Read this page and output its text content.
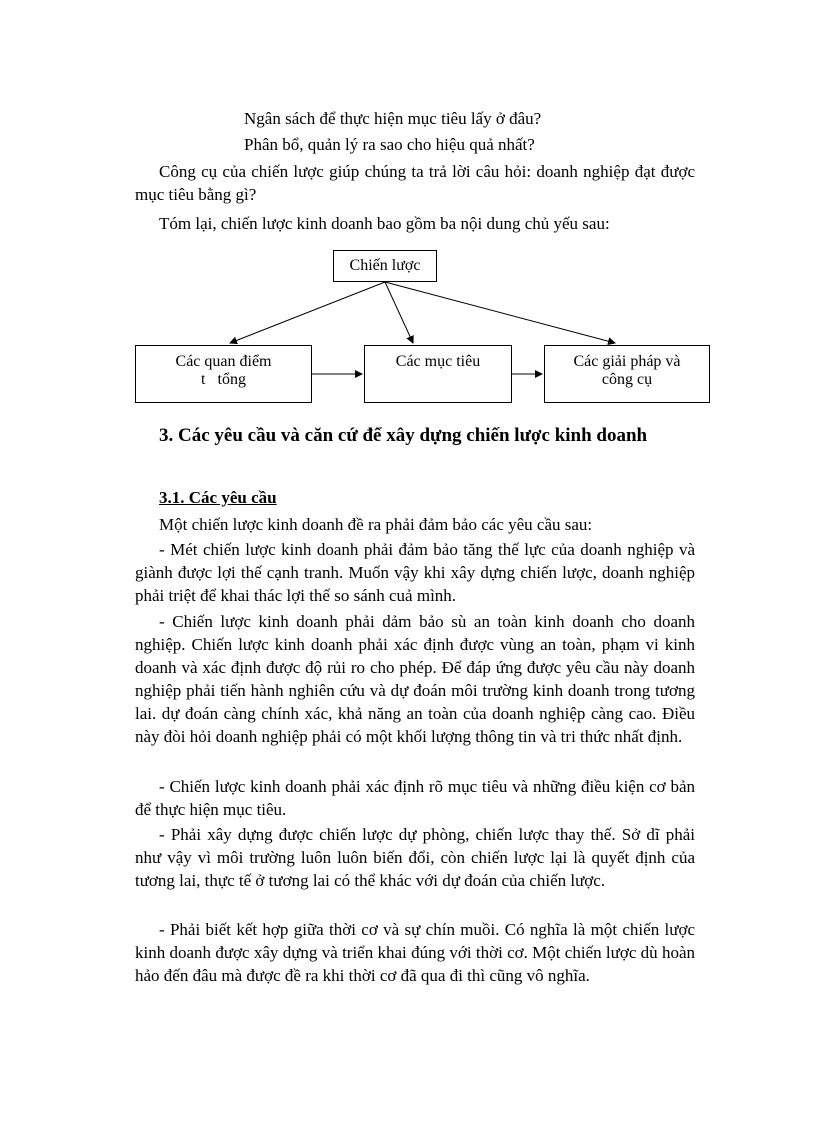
Ngân sách để thực hiện mục tiêu lấy ở đâu?
Phân bổ, quản lý ra sao cho hiệu quả nhất?
Công cụ của chiến lược giúp chúng ta trả lời câu hỏi: doanh nghiệp đạt được mục tiêu bằng gì?
Tóm lại, chiến lược kinh doanh bao gồm ba nội dung chủ yếu sau:
Chiến lược
Các quan điểm
t   tổng
Các mục tiêu	Các giải pháp và
công cụ
3. Các yêu cầu và căn cứ để xây dựng chiến lược kinh doanh
3.1. Các yêu cầu
Một chiến lược kinh doanh đề ra phải đảm bảo các yêu cầu sau:
- Mét chiến lược kinh doanh phải đảm bảo tăng thế lực của doanh nghiệp và giành được lợi thế cạnh tranh. Muốn vậy khi xây dựng chiến lược, doanh nghiệp phải triệt để khai thác lợi thế so sánh cuả mình.
- Chiến lược kinh doanh phải dảm bảo sù an toàn kinh doanh cho doanh nghiệp. Chiến lược kinh doanh phải xác định được vùng an toàn, phạm vi kinh doanh và xác định được độ rủi ro cho phép. Để đáp ứng được yêu cầu này doanh nghiệp phải tiến hành nghiên cứu và dự đoán môi trường kinh doanh trong tương lai. dự đoán càng chính xác, khả năng an toàn của doanh nghiệp càng cao. Điều này đòi hỏi doanh nghiệp phải có một khối lượng thông tin và tri thức nhất định.
- Chiến lược kinh doanh phải xác định rõ mục tiêu và những điều kiện cơ bản để thực hiện mục tiêu.
- Phải xây dựng được chiến lược dự phòng, chiến lược thay thế. Sở dĩ phải như vậy vì môi trường luôn luôn biến đổi, còn chiến lược lại là quyết định của tương lai, thực tế ở tương lai có thể khác với dự đoán của chiến lược.
- Phải biết kết hợp giữa thời cơ và sự chín muồi. Có nghĩa là một chiến lược kinh doanh được xây dựng và triển khai đúng với thời cơ. Một chiến lược dù hoàn hảo đến đâu mà được đề ra khi thời cơ đã qua đi thì cũng vô nghĩa.
